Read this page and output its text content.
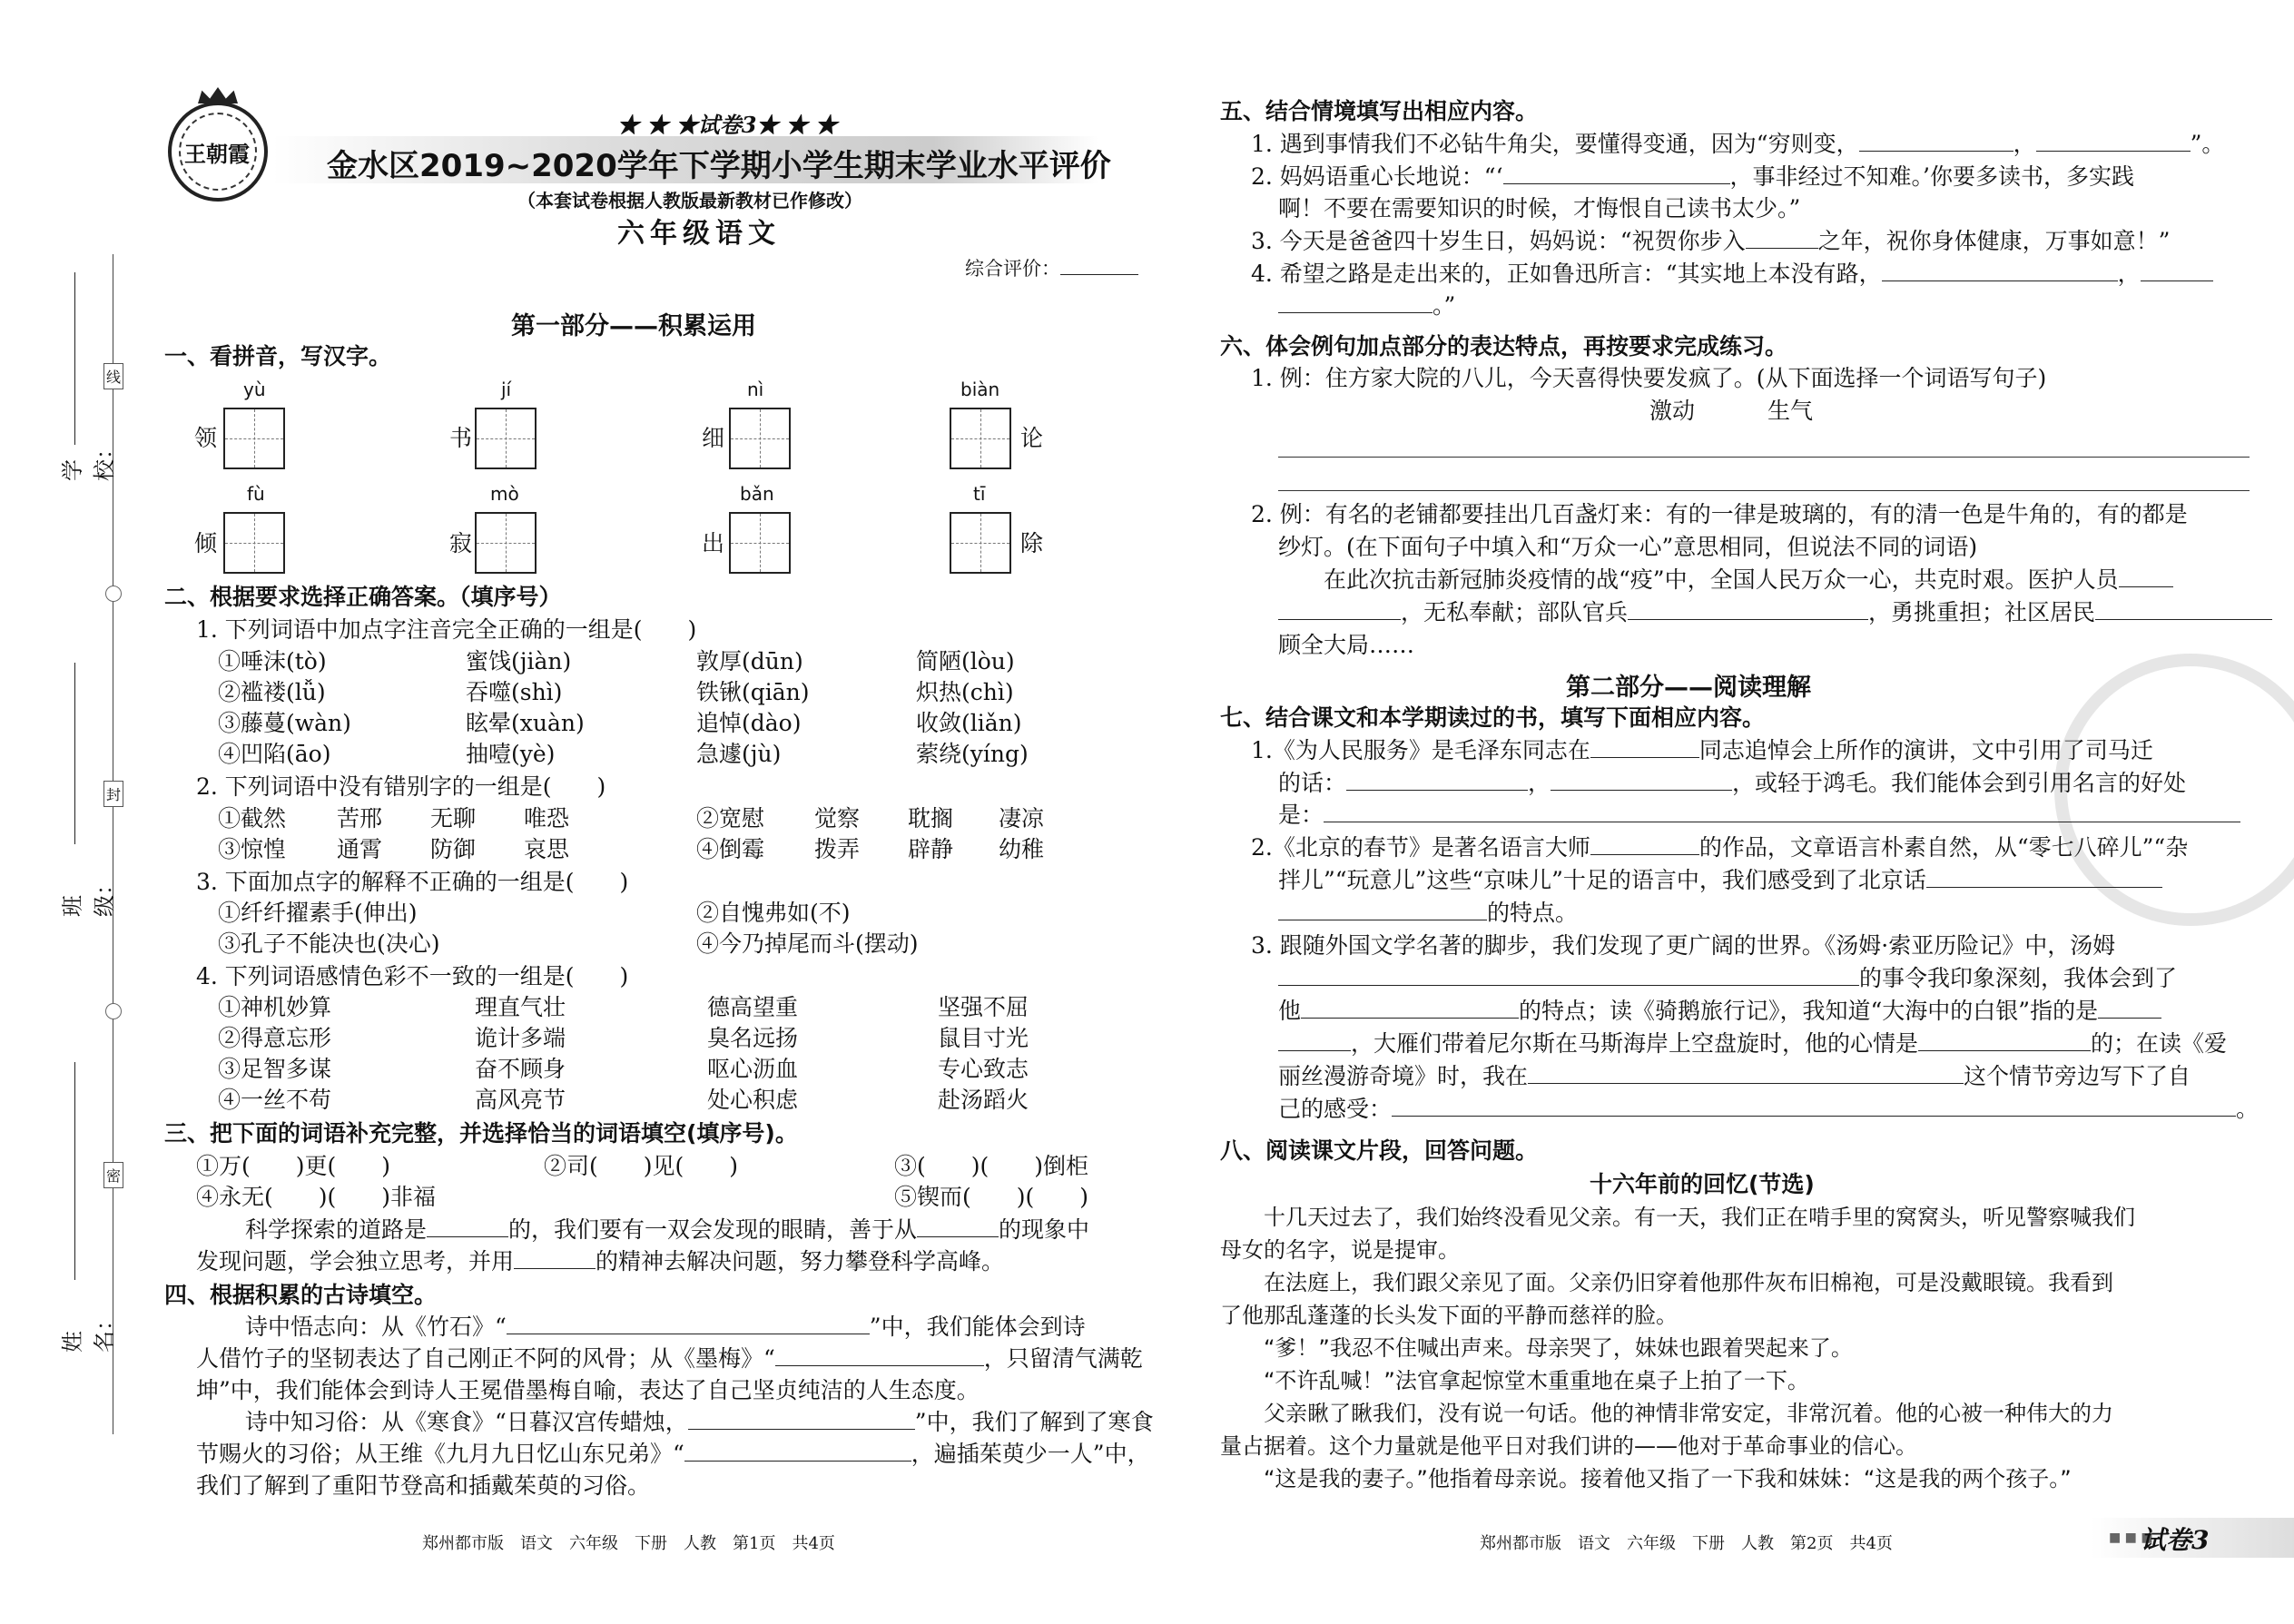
线
封
密
学校：
班级：
姓名：
王朝霞
★ ★ ★试卷3★ ★ ★
金水区2019~2020学年下学期小学生期末学业水平评价
（本套试卷根据人教版最新教材已作修改）
六年级语文
综合评价：
第一部分——积累运用
一、看拼音，写汉字。
yù
领
jí
书
nì
细
biàn
论
fù
倾
mò
寂
bǎn
出
tī
除
二、根据要求选择正确答案。（填序号）
1. 下列词语中加点字注音完全正确的一组是(　　)
①唾沫(tò)	蜜饯(jiàn)	敦厚(dūn)	简陋(lòu)
②褴褛(lǚ)	吞噬(shì)	铁锹(qiān)	炽热(chì)
③藤蔓(wàn)	眩晕(xuàn)	追悼(dào)	收敛(liǎn)
④凹陷(āo)	抽噎(yè)	急遽(jù)	萦绕(yíng)
2. 下列词语中没有错别字的一组是(　　)
①截然 苦邢 无聊 唯恐	②宽慰 觉察 耽搁 凄凉
③惊惶 通霄 防御 哀思	④倒霉 拨弄 辟静 幼稚
3. 下面加点字的解释不正确的一组是(　　)
①纤纤擢素手(伸出)	②自愧弗如(不)
③孔子不能决也(决心)	④今乃掉尾而斗(摆动)
4. 下列词语感情色彩不一致的一组是(　　)
①神机妙算	理直气壮	德高望重	坚强不屈
②得意忘形	诡计多端	臭名远扬	鼠目寸光
③足智多谋	奋不顾身	呕心沥血	专心致志
④一丝不苟	高风亮节	处心积虑	赴汤蹈火
三、把下面的词语补充完整，并选择恰当的词语填空(填序号)。
①万(　　)更(　　)	②司(　　)见(　　)	③(　　)(　　)倒柜
④永无(　　)(　　)非福	⑤锲而(　　)(　　)
科学探索的道路是	的，我们要有一双会发现的眼睛，善于从	的现象中
发现问题，学会独立思考，并用	的精神去解决问题，努力攀登科学高峰。
四、根据积累的古诗填空。
诗中悟志向：从《竹石》“	”中，我们能体会到诗
人借竹子的坚韧表达了自己刚正不阿的风骨；从《墨梅》“	，只留清气满乾
坤”中，我们能体会到诗人王冕借墨梅自喻，表达了自己坚贞纯洁的人生态度。
诗中知习俗：从《寒食》“日暮汉宫传蜡烛，	”中，我们了解到了寒食
节赐火的习俗；从王维《九月九日忆山东兄弟》“	，遍插茱萸少一人”中，
我们了解到了重阳节登高和插戴茱萸的习俗。
郑州都市版　语文　六年级　下册　人教　第1页　共4页
五、结合情境填写出相应内容。
1. 遇到事情我们不必钻牛角尖，要懂得变通，因为“穷则变，	，	”。
2. 妈妈语重心长地说：“‘	，事非经过不知难。’你要多读书，多实践
啊！不要在需要知识的时候，才悔恨自己读书太少。”
3. 今天是爸爸四十岁生日，妈妈说：“祝贺你步入	之年，祝你身体健康，万事如意！”
4. 希望之路是走出来的，正如鲁迅所言：“其实地上本没有路，	，
。”
六、体会例句加点部分的表达特点，再按要求完成练习。
1. 例：住方家大院的八儿，今天喜得快要发疯了。(从下面选择一个词语写句子)
激动	生气
2. 例：有名的老铺都要挂出几百盏灯来：有的一律是玻璃的，有的清一色是牛角的，有的都是
纱灯。(在下面句子中填入和“万众一心”意思相同，但说法不同的词语)
在此次抗击新冠肺炎疫情的战“疫”中，全国人民万众一心，共克时艰。医护人员
，无私奉献；部队官兵	，勇挑重担；社区居民
顾全大局……
第二部分——阅读理解
七、结合课文和本学期读过的书，填写下面相应内容。
1.《为人民服务》是毛泽东同志在	同志追悼会上所作的演讲，文中引用了司马迁
的话：	，	，或轻于鸿毛。我们能体会到引用名言的好处
是：
2.《北京的春节》是著名语言大师	的作品，文章语言朴素自然，从“零七八碎儿”“杂
拌儿”“玩意儿”这些“京味儿”十足的语言中，我们感受到了北京话
的特点。
3. 跟随外国文学名著的脚步，我们发现了更广阔的世界。《汤姆·索亚历险记》中，汤姆
的事令我印象深刻，我体会到了
他	的特点；读《骑鹅旅行记》，我知道“大海中的白银”指的是
，大雁们带着尼尔斯在马斯海岸上空盘旋时，他的心情是	的；在读《爱
丽丝漫游奇境》时，我在	这个情节旁边写下了自
己的感受：	。
八、阅读课文片段，回答问题。
十六年前的回忆(节选)
十几天过去了，我们始终没看见父亲。有一天，我们正在啃手里的窝窝头，听见警察喊我们
母女的名字，说是提审。
在法庭上，我们跟父亲见了面。父亲仍旧穿着他那件灰布旧棉袍，可是没戴眼镜。我看到
了他那乱蓬蓬的长头发下面的平静而慈祥的脸。
“爹！”我忍不住喊出声来。母亲哭了，妹妹也跟着哭起来了。
“不许乱喊！”法官拿起惊堂木重重地在桌子上拍了一下。
父亲瞅了瞅我们，没有说一句话。他的神情非常安定，非常沉着。他的心被一种伟大的力
量占据着。这个力量就是他平日对我们讲的——他对于革命事业的信心。
“这是我的妻子。”他指着母亲说。接着他又指了一下我和妹妹：“这是我的两个孩子。”
郑州都市版　语文　六年级　下册　人教　第2页　共4页	■ ■ ■
试卷3
